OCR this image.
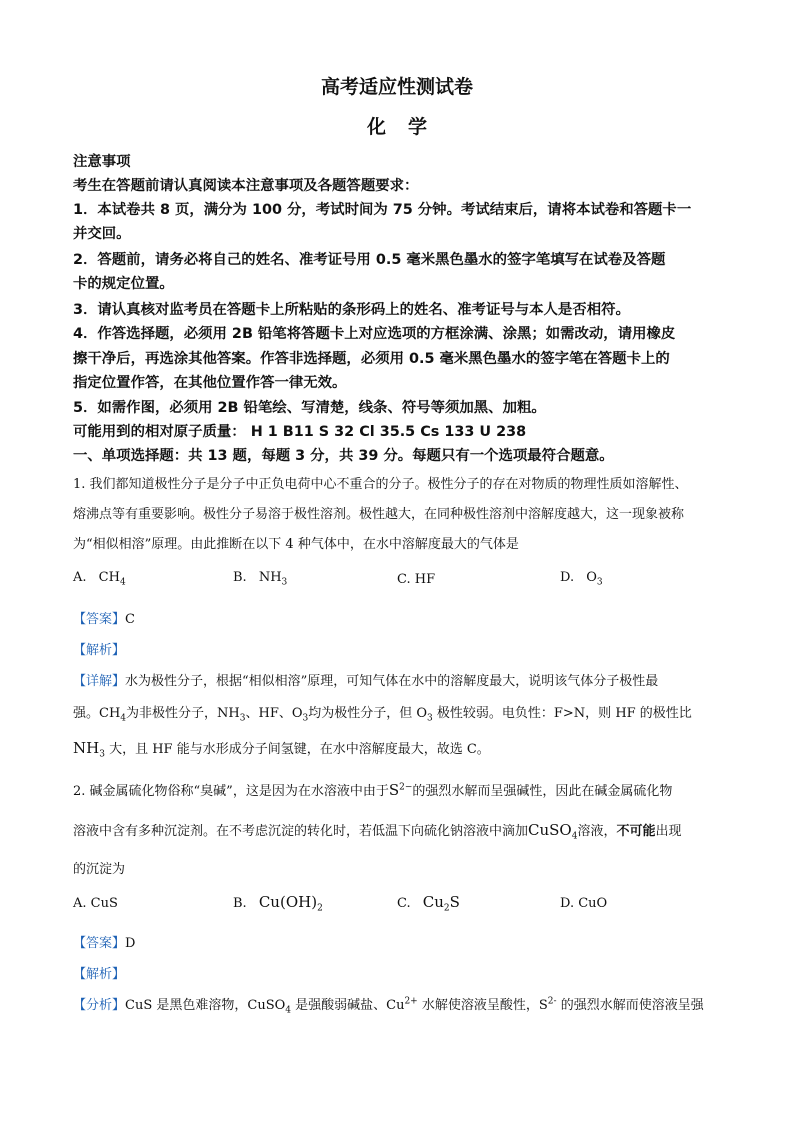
高考适应性测试卷
化学
注意事项
考生在答题前请认真阅读本注意事项及各题答题要求：
1．本试卷共 8 页，满分为 100 分，考试时间为 75 分钟。考试结束后，请将本试卷和答题卡一
并交回。
2．答题前，请务必将自己的姓名、准考证号用 0.5 毫米黑色墨水的签字笔填写在试卷及答题
卡的规定位置。
3．请认真核对监考员在答题卡上所粘贴的条形码上的姓名、准考证号与本人是否相符。
4．作答选择题，必须用 2B 铅笔将答题卡上对应选项的方框涂满、涂黑；如需改动，请用橡皮
擦干净后，再选涂其他答案。作答非选择题，必须用 0.5 毫米黑色墨水的签字笔在答题卡上的
指定位置作答，在其他位置作答一律无效。
5．如需作图，必须用 2B 铅笔绘、写清楚，线条、符号等须加黑、加粗。
可能用到的相对原子质量： H 1 B11 S 32 Cl 35.5 Cs 133 U 238
一、单项选择题：共 13 题，每题 3 分，共 39 分。每题只有一个选项最符合题意。
1. 我们都知道极性分子是分子中正负电荷中心不重合的分子。极性分子的存在对物质的物理性质如溶解性、
熔沸点等有重要影响。极性分子易溶于极性溶剂。极性越大，在同种极性溶剂中溶解度越大，这一现象被称
为“相似相溶”原理。由此推断在以下 4 种气体中，在水中溶解度最大的气体是
A. $CH_4$	B. $NH_3$	C. HF	D. $O_3$
【答案】C
【解析】
【详解】水为极性分子，根据“相似相溶”原理，可知气体在水中的溶解度最大，说明该气体分子极性最
强。$CH_4$为非极性分子，$NH_3$、HF、$O_3$均为极性分子，但 $O_3$ 极性较弱。电负性：F>N，则 HF 的极性比
$NH_3$ 大，且 HF 能与水形成分子间氢键，在水中溶解度最大，故选 C。
2. 碱金属硫化物俗称“臭碱”，这是因为在水溶液中由于$S^{2-}$的强烈水解而呈强碱性，因此在碱金属硫化物
溶液中含有多种沉淀剂。在不考虑沉淀的转化时，若低温下向硫化钠溶液中滴加CuSO$_4$溶液，不可能出现
的沉淀为
A. CuS	B. $Cu(OH)_2$	C. $Cu_2S$	D. CuO
【答案】D
【解析】
【分析】CuS 是黑色难溶物，CuSO$_4$ 是强酸弱碱盐、$Cu^{2+}$ 水解使溶液呈酸性，$S^{2-}$ 的强烈水解而使溶液呈强
